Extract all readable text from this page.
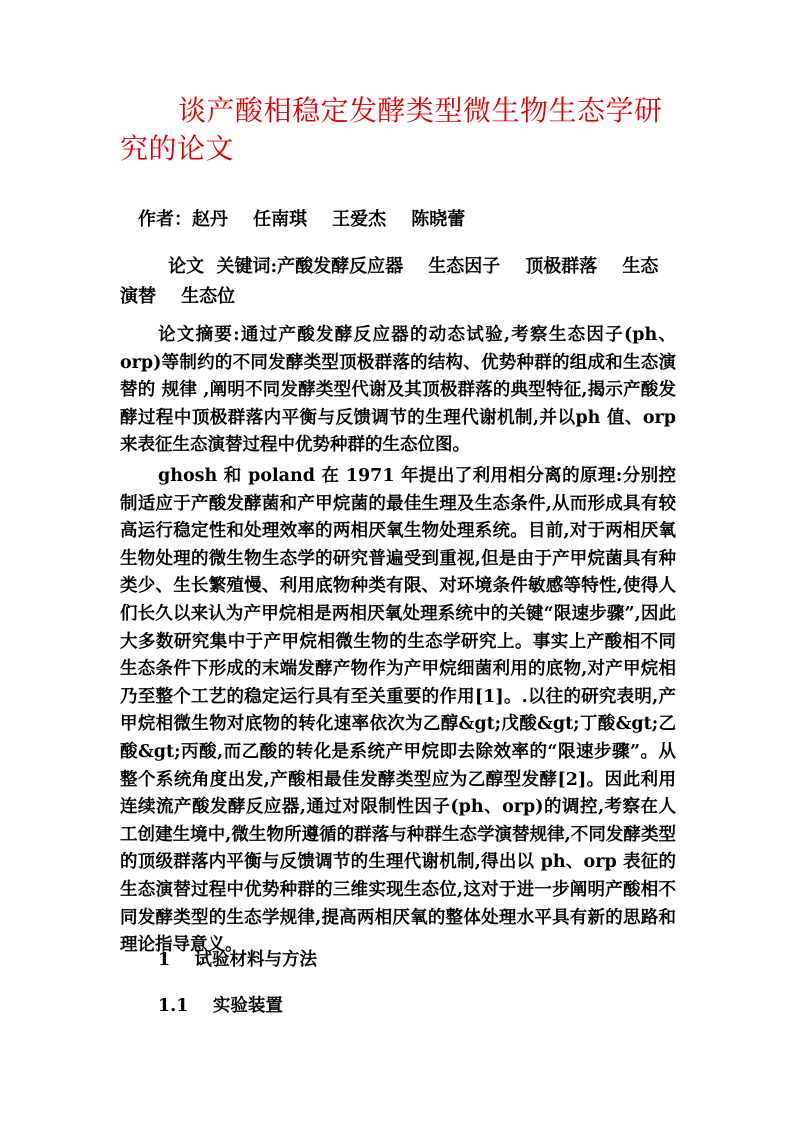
谈产酸相稳定发酵类型微生物生态学研究的论文
作者：赵丹    任南琪    王爱杰    陈晓蕾
论文  关键词:产酸发酵反应器    生态因子    顶极群落    生态演替    生态位
论文摘要:通过产酸发酵反应器的动态试验,考察生态因子(ph、orp)等制约的不同发酵类型顶极群落的结构、优势种群的组成和生态演替的 规律 ,阐明不同发酵类型代谢及其顶极群落的典型特征,揭示产酸发酵过程中顶极群落内平衡与反馈调节的生理代谢机制,并以ph 值、orp 来表征生态演替过程中优势种群的生态位图。
ghosh 和 poland 在 1971 年提出了利用相分离的原理:分别控制适应于产酸发酵菌和产甲烷菌的最佳生理及生态条件,从而形成具有较高运行稳定性和处理效率的两相厌氧生物处理系统。目前,对于两相厌氧生物处理的微生物生态学的研究普遍受到重视,但是由于产甲烷菌具有种类少、生长繁殖慢、利用底物种类有限、对环境条件敏感等特性,使得人们长久以来认为产甲烷相是两相厌氧处理系统中的关键“限速步骤”,因此大多数研究集中于产甲烷相微生物的生态学研究上。事实上产酸相不同生态条件下形成的末端发酵产物作为产甲烷细菌利用的底物,对产甲烷相乃至整个工艺的稳定运行具有至关重要的作用[1]。.以往的研究表明,产甲烷相微生物对底物的转化速率依次为乙醇&gt;戊酸&gt;丁酸&gt;乙酸&gt;丙酸,而乙酸的转化是系统产甲烷即去除效率的“限速步骤”。从整个系统角度出发,产酸相最佳发酵类型应为乙醇型发酵[2]。因此利用连续流产酸发酵反应器,通过对限制性因子(ph、orp)的调控,考察在人工创建生境中,微生物所遵循的群落与种群生态学演替规律,不同发酵类型的顶级群落内平衡与反馈调节的生理代谢机制,得出以 ph、orp 表征的生态演替过程中优势种群的三维实现生态位,这对于进一步阐明产酸相不同发酵类型的生态学规律,提高两相厌氧的整体处理水平具有新的思路和理论指导意义。
1    试验材料与方法
1.1    实验装置
